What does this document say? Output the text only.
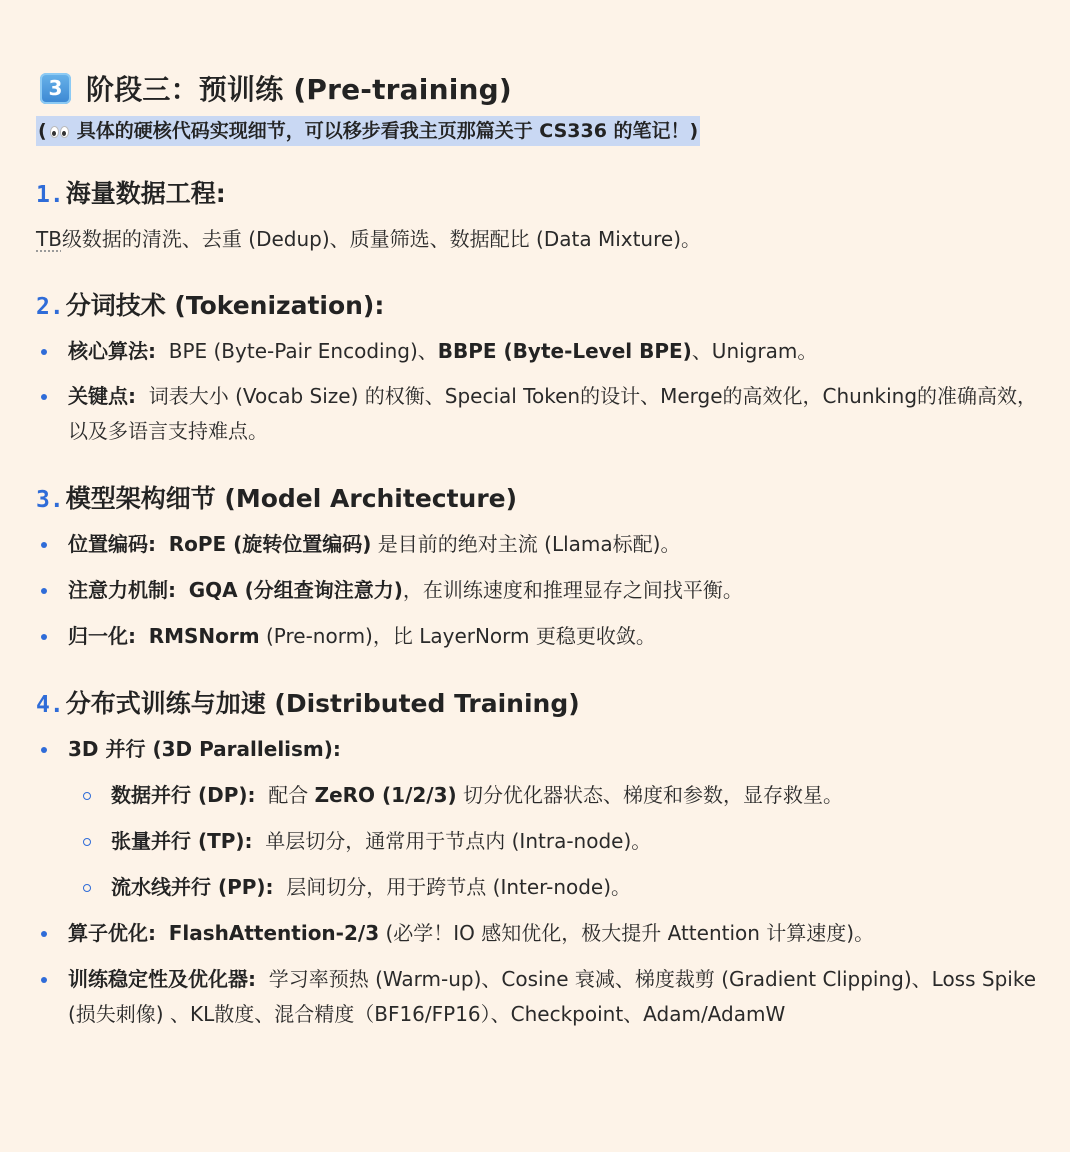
3 阶段三：预训练 (Pre-training)
( 具体的硬核代码实现细节，可以移步看我主页那篇关于 CS336 的笔记！)
1. 海量数据工程:

TB级数据的清洗、去重 (Dedup)、质量筛选、数据配比 (Data Mixture)。

2. 分词技术 (Tokenization):
核心算法: BPE (Byte-Pair Encoding)、BBPE (Byte-Level BPE)、Unigram。
关键点: 词表大小 (Vocab Size) 的权衡、Special Token的设计、Merge的高效化，Chunking的准确高效，以及多语言支持难点。
3. 模型架构细节 (Model Architecture)
位置编码: RoPE (旋转位置编码) 是目前的绝对主流 (Llama标配)。
注意力机制: GQA (分组查询注意力)，在训练速度和推理显存之间找平衡。
归一化: RMSNorm (Pre-norm)，比 LayerNorm 更稳更收敛。
4. 分布式训练与加速 (Distributed Training)
3D 并行 (3D Parallelism):
数据并行 (DP): 配合 ZeRO (1/2/3) 切分优化器状态、梯度和参数，显存救星。
张量并行 (TP): 单层切分，通常用于节点内 (Intra-node)。
流水线并行 (PP): 层间切分，用于跨节点 (Inter-node)。
算子优化: FlashAttention-2/3 (必学！IO 感知优化，极大提升 Attention 计算速度)。
训练稳定性及优化器: 学习率预热 (Warm-up)、Cosine 衰减、梯度裁剪 (Gradient Clipping)、Loss Spike (损失刺像) 、KL散度、混合精度（BF16/FP16）、Checkpoint、Adam/AdamW
